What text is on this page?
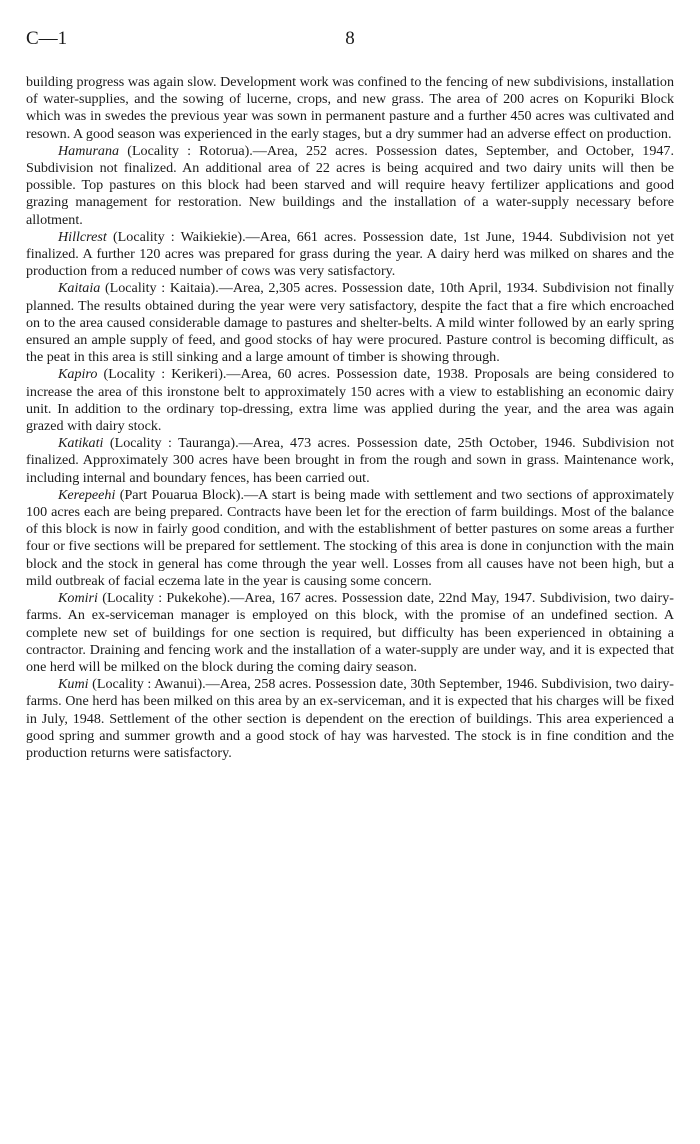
C—1	8

building progress was again slow. Development work was confined to the fencing of new subdivisions, installation of water-supplies, and the sowing of lucerne, crops, and new grass. The area of 200 acres on Kopuriki Block which was in swedes the previous year was sown in permanent pasture and a further 450 acres was cultivated and resown. A good season was experienced in the early stages, but a dry summer had an adverse effect on production.

Hamurana (Locality : Rotorua).—Area, 252 acres. Possession dates, September, and October, 1947. Subdivision not finalized. An additional area of 22 acres is being acquired and two dairy units will then be possible. Top pastures on this block had been starved and will require heavy fertilizer applications and good grazing management for restoration. New buildings and the installation of a water-supply necessary before allotment.

Hillcrest (Locality : Waikiekie).—Area, 661 acres. Possession date, 1st June, 1944. Subdivision not yet finalized. A further 120 acres was prepared for grass during the year. A dairy herd was milked on shares and the production from a reduced number of cows was very satisfactory.

Kaitaia (Locality : Kaitaia).—Area, 2,305 acres. Possession date, 10th April, 1934. Subdivision not finally planned. The results obtained during the year were very satisfactory, despite the fact that a fire which encroached on to the area caused considerable damage to pastures and shelter-belts. A mild winter followed by an early spring ensured an ample supply of feed, and good stocks of hay were procured. Pasture control is becoming difficult, as the peat in this area is still sinking and a large amount of timber is showing through.

Kapiro (Locality : Kerikeri).—Area, 60 acres. Possession date, 1938. Proposals are being considered to increase the area of this ironstone belt to approximately 150 acres with a view to establishing an economic dairy unit. In addition to the ordinary top-dressing, extra lime was applied during the year, and the area was again grazed with dairy stock.

Katikati (Locality : Tauranga).—Area, 473 acres. Possession date, 25th October, 1946. Subdivision not finalized. Approximately 300 acres have been brought in from the rough and sown in grass. Maintenance work, including internal and boundary fences, has been carried out.

Kerepeehi (Part Pouarua Block).—A start is being made with settlement and two sections of approximately 100 acres each are being prepared. Contracts have been let for the erection of farm buildings. Most of the balance of this block is now in fairly good condition, and with the establishment of better pastures on some areas a further four or five sections will be prepared for settlement. The stocking of this area is done in conjunction with the main block and the stock in general has come through the year well. Losses from all causes have not been high, but a mild outbreak of facial eczema late in the year is causing some concern.

Komiri (Locality : Pukekohe).—Area, 167 acres. Possession date, 22nd May, 1947. Subdivision, two dairy-farms. An ex-serviceman manager is employed on this block, with the promise of an undefined section. A complete new set of buildings for one section is required, but difficulty has been experienced in obtaining a contractor. Draining and fencing work and the installation of a water-supply are under way, and it is expected that one herd will be milked on the block during the coming dairy season.

Kumi (Locality : Awanui).—Area, 258 acres. Possession date, 30th September, 1946. Subdivision, two dairy-farms. One herd has been milked on this area by an ex-serviceman, and it is expected that his charges will be fixed in July, 1948. Settlement of the other section is dependent on the erection of buildings. This area experienced a good spring and summer growth and a good stock of hay was harvested. The stock is in fine condition and the production returns were satisfactory.
